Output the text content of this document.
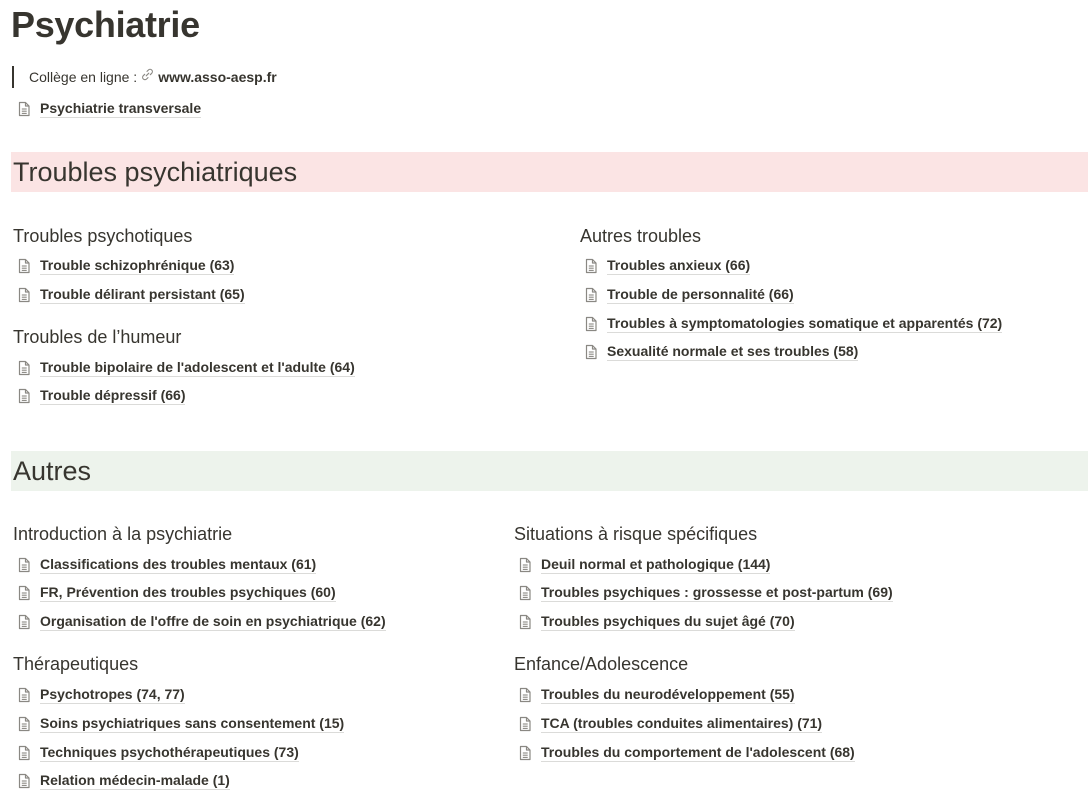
Psychiatrie
Collège en ligne : www.asso-aesp.fr
Psychiatrie transversale
Troubles psychiatriques
Troubles psychotiques
Trouble schizophrénique (63)
Trouble délirant persistant (65)
Troubles de l’humeur
Trouble bipolaire de l'adolescent et l'adulte (64)
Trouble dépressif (66)
Autres troubles
Troubles anxieux (66)
Trouble de personnalité (66)
Troubles à symptomatologies somatique et apparentés (72)
Sexualité normale et ses troubles (58)
Autres
Introduction à la psychiatrie
Classifications des troubles mentaux (61)
FR, Prévention des troubles psychiques (60)
Organisation de l'offre de soin en psychiatrique (62)
Thérapeutiques
Psychotropes (74, 77)
Soins psychiatriques sans consentement (15)
Techniques psychothérapeutiques (73)
Relation médecin-malade (1)
Situations à risque spécifiques
Deuil normal et pathologique (144)
Troubles psychiques : grossesse et post-partum (69)
Troubles psychiques du sujet âgé (70)
Enfance/Adolescence
Troubles du neurodéveloppement (55)
TCA (troubles conduites alimentaires) (71)
Troubles du comportement de l'adolescent (68)
